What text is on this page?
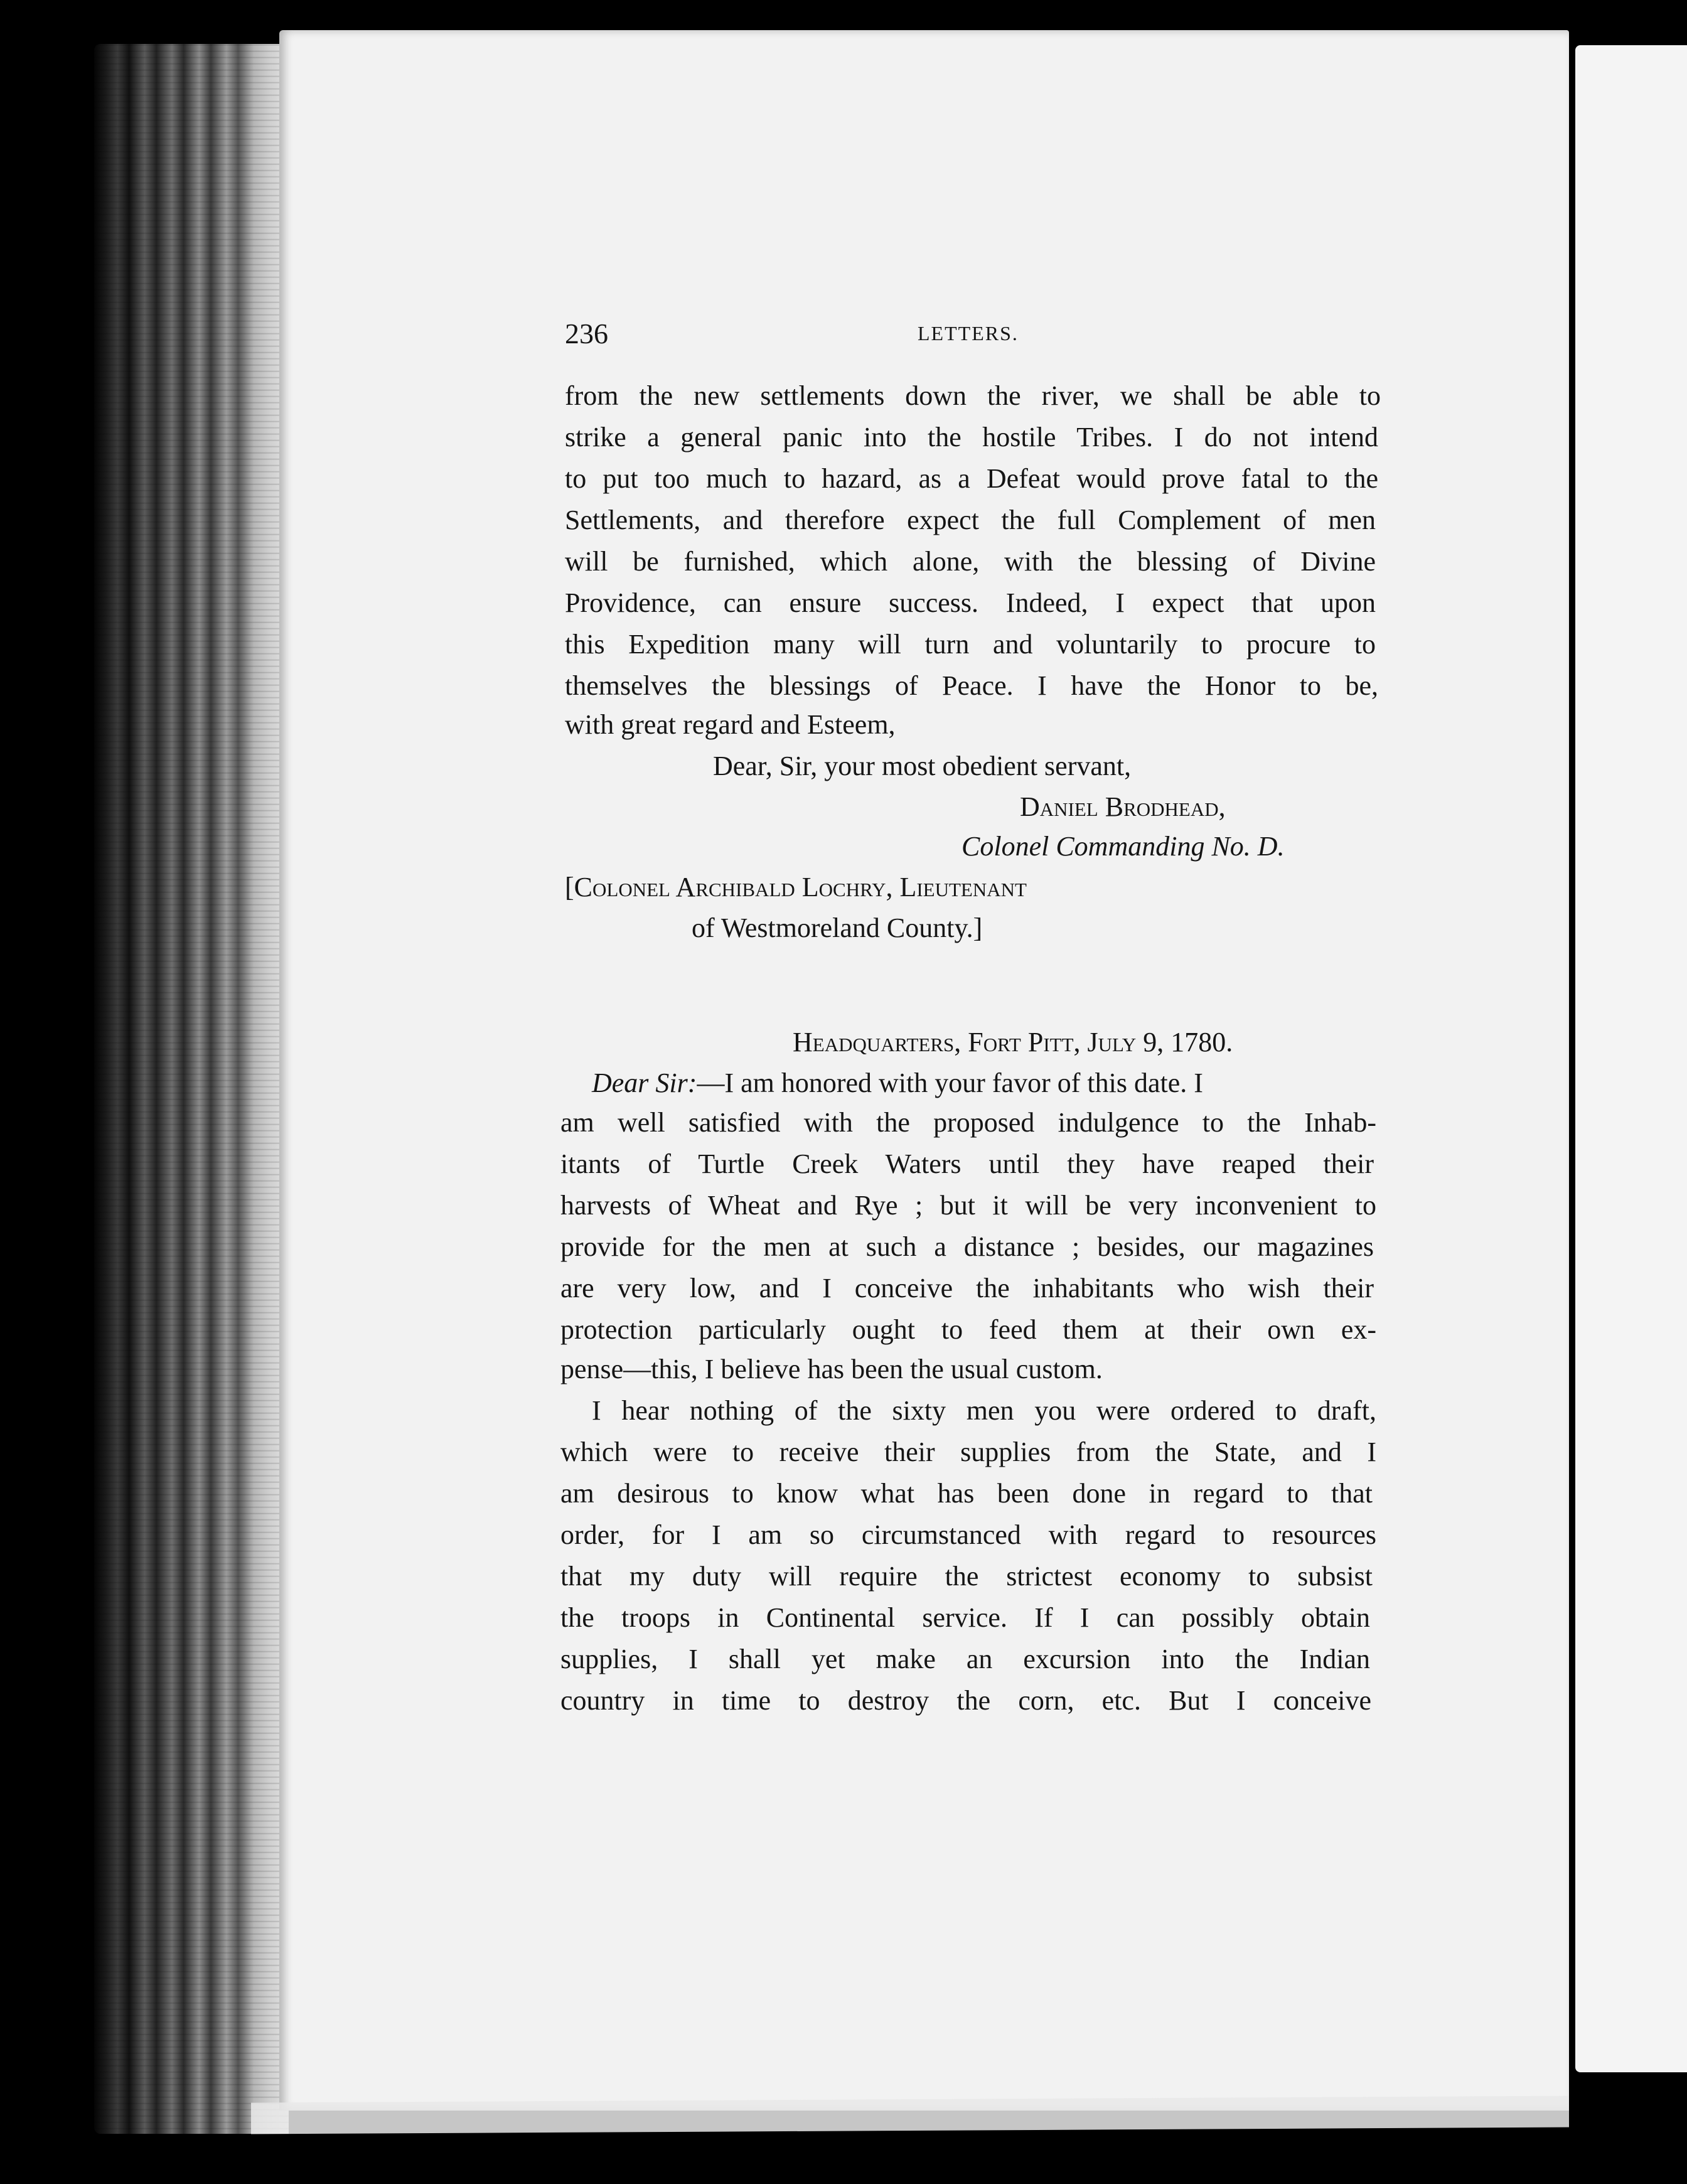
236	LETTERS.
from the new settlements down the river, we shall be able to
strike a general panic into the hostile Tribes. I do not intend
to put too much to hazard, as a Defeat would prove fatal to the
Settlements, and therefore expect the full Complement of men
will be furnished, which alone, with the blessing of Divine
Providence, can ensure success. Indeed, I expect that upon
this Expedition many will turn and voluntarily to procure to
themselves the blessings of Peace. I have the Honor to be,
with great regard and Esteem,
Dear, Sir, your most obedient servant,
Daniel Brodhead,
Colonel Commanding No. D.
[Colonel Archibald Lochry, Lieutenant
of Westmoreland County.]
Headquarters, Fort Pitt, July 9, 1780.
Dear Sir:—I am honored with your favor of this date. I
am well satisfied with the proposed indulgence to the Inhab-
itants of Turtle Creek Waters until they have reaped their
harvests of Wheat and Rye ; but it will be very inconvenient to
provide for the men at such a distance ; besides, our magazines
are very low, and I conceive the inhabitants who wish their
protection particularly ought to feed them at their own ex-
pense—this, I believe has been the usual custom.
I hear nothing of the sixty men you were ordered to draft,
which were to receive their supplies from the State, and I
am desirous to know what has been done in regard to that
order, for I am so circumstanced with regard to resources
that my duty will require the strictest economy to subsist
the troops in Continental service. If I can possibly obtain
supplies, I shall yet make an excursion into the Indian
country in time to destroy the corn, etc. But I conceive
